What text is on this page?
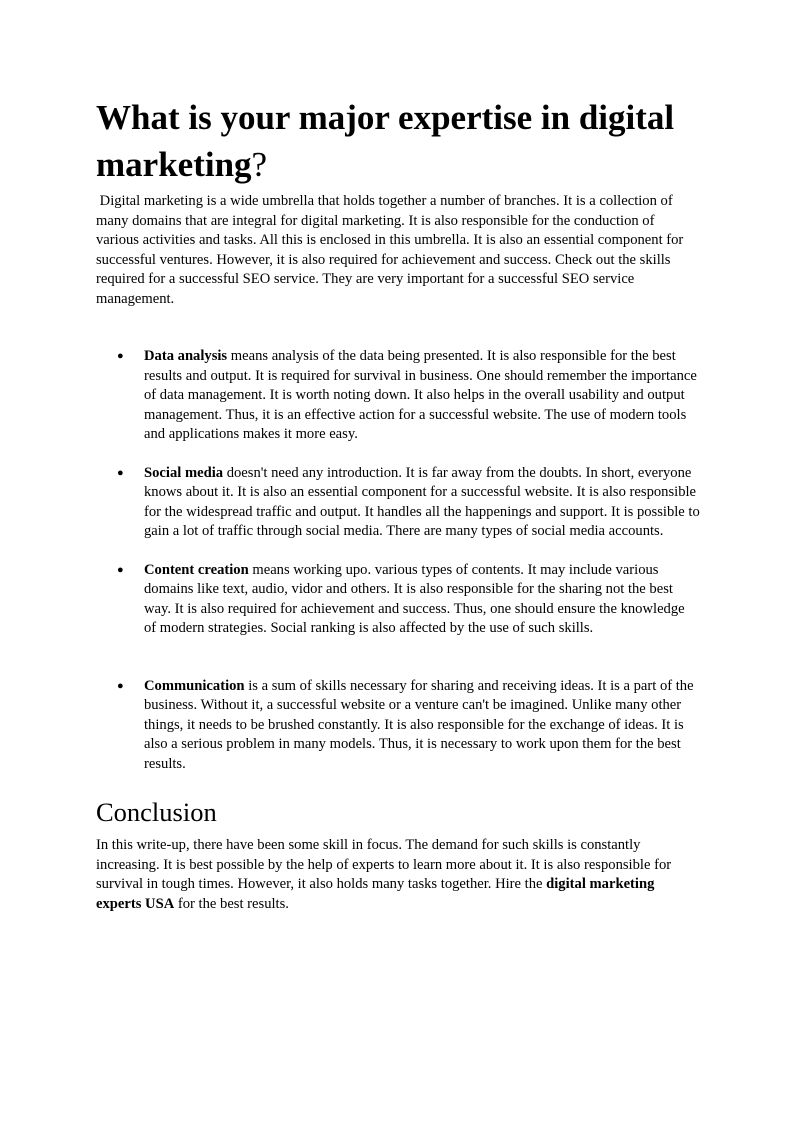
What is your major expertise in digital marketing?

Digital marketing is a wide umbrella that holds together a number of branches. It is a collection of many domains that are integral for digital marketing. It is also responsible for the conduction of various activities and tasks. All this is enclosed in this umbrella. It is also an essential component for successful ventures. However, it is also required for achievement and success. Check out the skills required for a successful SEO service. They are very important for a successful SEO service management.

● Data analysis means analysis of the data being presented. It is also responsible for the best results and output. It is required for survival in business. One should remember the importance of data management. It is worth noting down. It also helps in the overall usability and output management. Thus, it is an effective action for a successful website. The use of modern tools and applications makes it more easy.
● Social media doesn't need any introduction. It is far away from the doubts. In short, everyone knows about it. It is also an essential component for a successful website. It is also responsible for the widespread traffic and output. It handles all the happenings and support. It is possible to gain a lot of traffic through social media. There are many types of social media accounts.
● Content creation means working upo. various types of contents. It may include various domains like text, audio, vidor and others. It is also responsible for the sharing not the best way. It is also required for achievement and success. Thus, one should ensure the knowledge of modern strategies. Social ranking is also affected by the use of such skills.
● Communication is a sum of skills necessary for sharing and receiving ideas. It is a part of the business. Without it, a successful website or a venture can't be imagined. Unlike many other things, it needs to be brushed constantly. It is also responsible for the exchange of ideas. It is also a serious problem in many models. Thus, it is necessary to work upon them for the best results.
Conclusion

In this write-up, there have been some skill in focus. The demand for such skills is constantly increasing. It is best possible by the help of experts to learn more about it. It is also responsible for survival in tough times. However, it also holds many tasks together. Hire the digital marketing experts USA for the best results.
